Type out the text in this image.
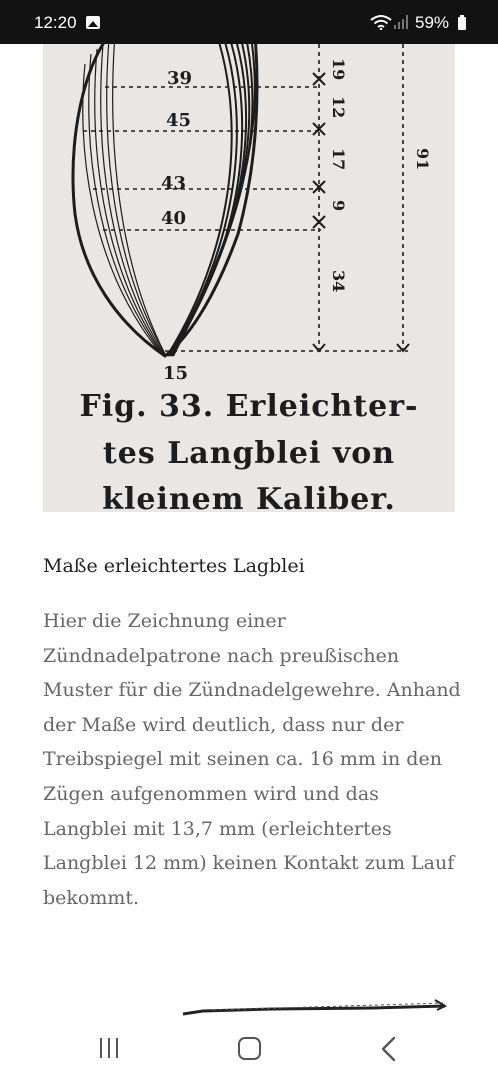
12:20	59%
39
45
43
40
15
19
12
17
9
34
91
Fig. 33. Erleichter-
tes Langblei von
kleinem Kaliber.
Maße erleichtertes Lagblei

Hier die Zeichnung einer Zündnadelpatrone nach preußischen Muster für die Zündnadelgewehre. Anhand der Maße wird deutlich, dass nur der Treibspiegel mit seinen ca. 16 mm in den Zügen aufgenommen wird und das Langblei mit 13,7 mm (erleichtertes Langblei 12 mm) keinen Kontakt zum Lauf bekommt.
